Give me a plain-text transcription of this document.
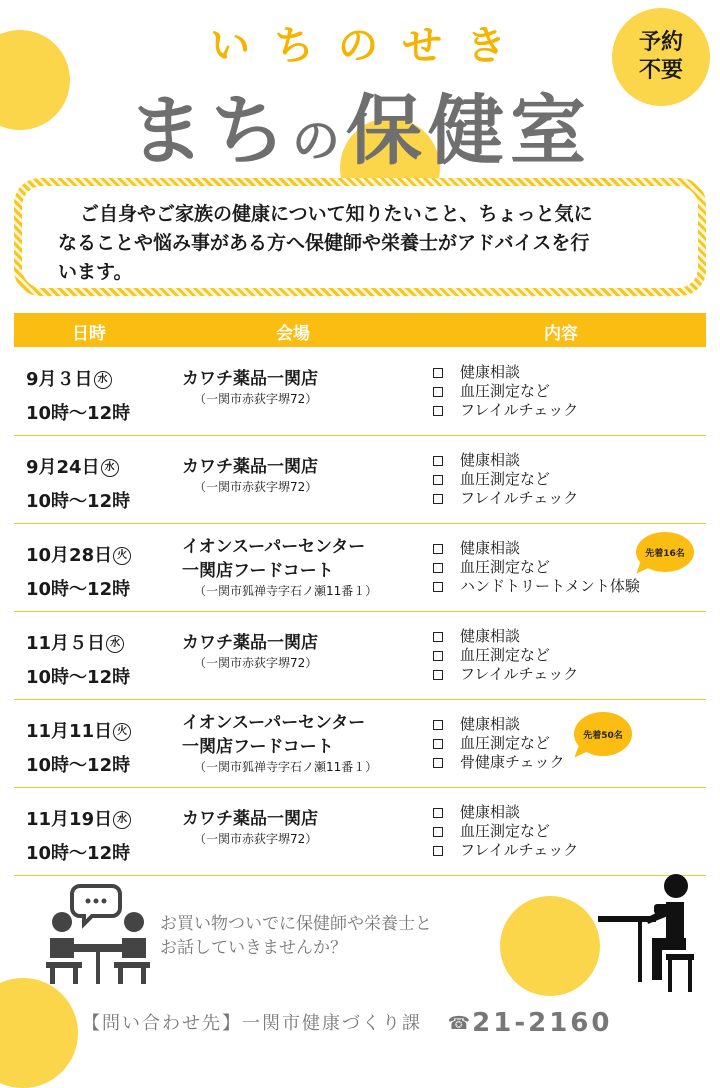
いちのせき
まちの保健室
予約
不要
ご自身やご家族の健康について知りたいこと、ちょっと気に
なることや悩み事がある方へ保健師や栄養士がアドバイスを行
います。
日時	会場	内容
9月３日 水
10時～12時
カワチ薬品一関店
（一関市赤荻字堺72）
健康相談
血圧測定など
フレイルチェック
9月24日 水
10時～12時
カワチ薬品一関店
（一関市赤荻字堺72）
健康相談
血圧測定など
フレイルチェック
10月28日 火
10時～12時
イオンスーパーセンター
一関店フードコート
（一関市狐禅寺字石ノ瀬11番１）
健康相談
血圧測定など
ハンドトリートメント体験
11月５日 水
10時～12時
カワチ薬品一関店
（一関市赤荻字堺72）
健康相談
血圧測定など
フレイルチェック
11月11日 火
10時～12時
イオンスーパーセンター
一関店フードコート
（一関市狐禅寺字石ノ瀬11番１）
健康相談
血圧測定など
骨健康チェック
11月19日 水
10時～12時
カワチ薬品一関店
（一関市赤荻字堺72）
健康相談
血圧測定など
フレイルチェック
お買い物ついでに保健師や栄養士と
お話していきませんか？
【問い合わせ先】一関市健康づくり課 ☎21-2160
先着16名
先着50名
